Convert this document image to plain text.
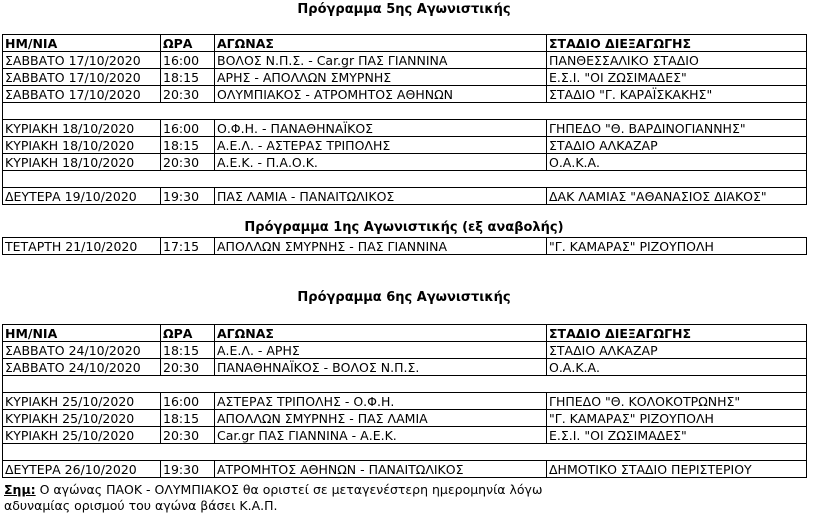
Πρόγραμμα 5ης Αγωνιστικής
ΗΜ/ΝΙΑ	ΩΡΑ	ΑΓΩΝΑΣ	ΣΤΑΔΙΟ ΔΙΕΞΑΓΩΓΗΣ
ΣΑΒΒΑΤΟ 17/10/2020	16:00	ΒΟΛΟΣ Ν.Π.Σ. - Car.gr ΠΑΣ ΓΙΑΝΝΙΝΑ	ΠΑΝΘΕΣΣΑΛΙΚΟ ΣΤΑΔΙΟ
ΣΑΒΒΑΤΟ 17/10/2020	18:15	ΑΡΗΣ - ΑΠΟΛΛΩΝ ΣΜΥΡΝΗΣ	Ε.Σ.Ι. "ΟΙ ΖΩΣΙΜΑΔΕΣ"
ΣΑΒΒΑΤΟ 17/10/2020	20:30	ΟΛΥΜΠΙΑΚΟΣ - ΑΤΡΟΜΗΤΟΣ ΑΘΗΝΩΝ	ΣΤΑΔΙΟ "Γ. ΚΑΡΑΪΣΚΑΚΗΣ"

ΚΥΡΙΑΚΗ 18/10/2020	16:00	Ο.Φ.Η. - ΠΑΝΑΘΗΝΑΪΚΟΣ	ΓΗΠΕΔΟ "Θ. ΒΑΡΔΙΝΟΓΙΑΝΝΗΣ"
ΚΥΡΙΑΚΗ 18/10/2020	18:15	Α.Ε.Λ. - ΑΣΤΕΡΑΣ ΤΡΙΠΟΛΗΣ	ΣΤΑΔΙΟ ΑΛΚΑΖΑΡ
ΚΥΡΙΑΚΗ 18/10/2020	20:30	Α.Ε.Κ. - Π.Α.Ο.Κ.	Ο.Α.Κ.Α.

ΔΕΥΤΕΡΑ 19/10/2020	19:30	ΠΑΣ ΛΑΜΙΑ - ΠΑΝΑΙΤΩΛΙΚΟΣ	ΔΑΚ ΛΑΜΙΑΣ "ΑΘΑΝΑΣΙΟΣ ΔΙΑΚΟΣ"
Πρόγραμμα 1ης Αγωνιστικής (εξ αναβολής)
ΤΕΤΑΡΤΗ 21/10/2020	17:15	ΑΠΟΛΛΩΝ ΣΜΥΡΝΗΣ - ΠΑΣ ΓΙΑΝΝΙΝΑ	"Γ. ΚΑΜΑΡΑΣ" ΡΙΖΟΥΠΟΛΗ
Πρόγραμμα 6ης Αγωνιστικής
ΗΜ/ΝΙΑ	ΩΡΑ	ΑΓΩΝΑΣ	ΣΤΑΔΙΟ ΔΙΕΞΑΓΩΓΗΣ
ΣΑΒΒΑΤΟ 24/10/2020	18:15	Α.Ε.Λ. - ΑΡΗΣ	ΣΤΑΔΙΟ ΑΛΚΑΖΑΡ
ΣΑΒΒΑΤΟ 24/10/2020	20:30	ΠΑΝΑΘΗΝΑΪΚΟΣ - ΒΟΛΟΣ Ν.Π.Σ.	Ο.Α.Κ.Α.

ΚΥΡΙΑΚΗ 25/10/2020	16:00	ΑΣΤΕΡΑΣ ΤΡΙΠΟΛΗΣ - Ο.Φ.Η.	ΓΗΠΕΔΟ "Θ. ΚΟΛΟΚΟΤΡΩΝΗΣ"
ΚΥΡΙΑΚΗ 25/10/2020	18:15	ΑΠΟΛΛΩΝ ΣΜΥΡΝΗΣ - ΠΑΣ ΛΑΜΙΑ	"Γ. ΚΑΜΑΡΑΣ" ΡΙΖΟΥΠΟΛΗ
ΚΥΡΙΑΚΗ 25/10/2020	20:30	Car.gr ΠΑΣ ΓΙΑΝΝΙΝΑ - Α.Ε.Κ.	Ε.Σ.Ι. "ΟΙ ΖΩΣΙΜΑΔΕΣ"

ΔΕΥΤΕΡΑ 26/10/2020	19:30	ΑΤΡΟΜΗΤΟΣ ΑΘΗΝΩΝ - ΠΑΝΑΙΤΩΛΙΚΟΣ	ΔΗΜΟΤΙΚΟ ΣΤΑΔΙΟ ΠΕΡΙΣΤΕΡΙΟΥ
Σημ: Ο αγώνας ΠΑΟΚ - ΟΛΥΜΠΙΑΚΟΣ θα οριστεί σε μεταγενέστερη ημερομηνία λόγω αδυναμίας ορισμού του αγώνα βάσει Κ.Α.Π.
